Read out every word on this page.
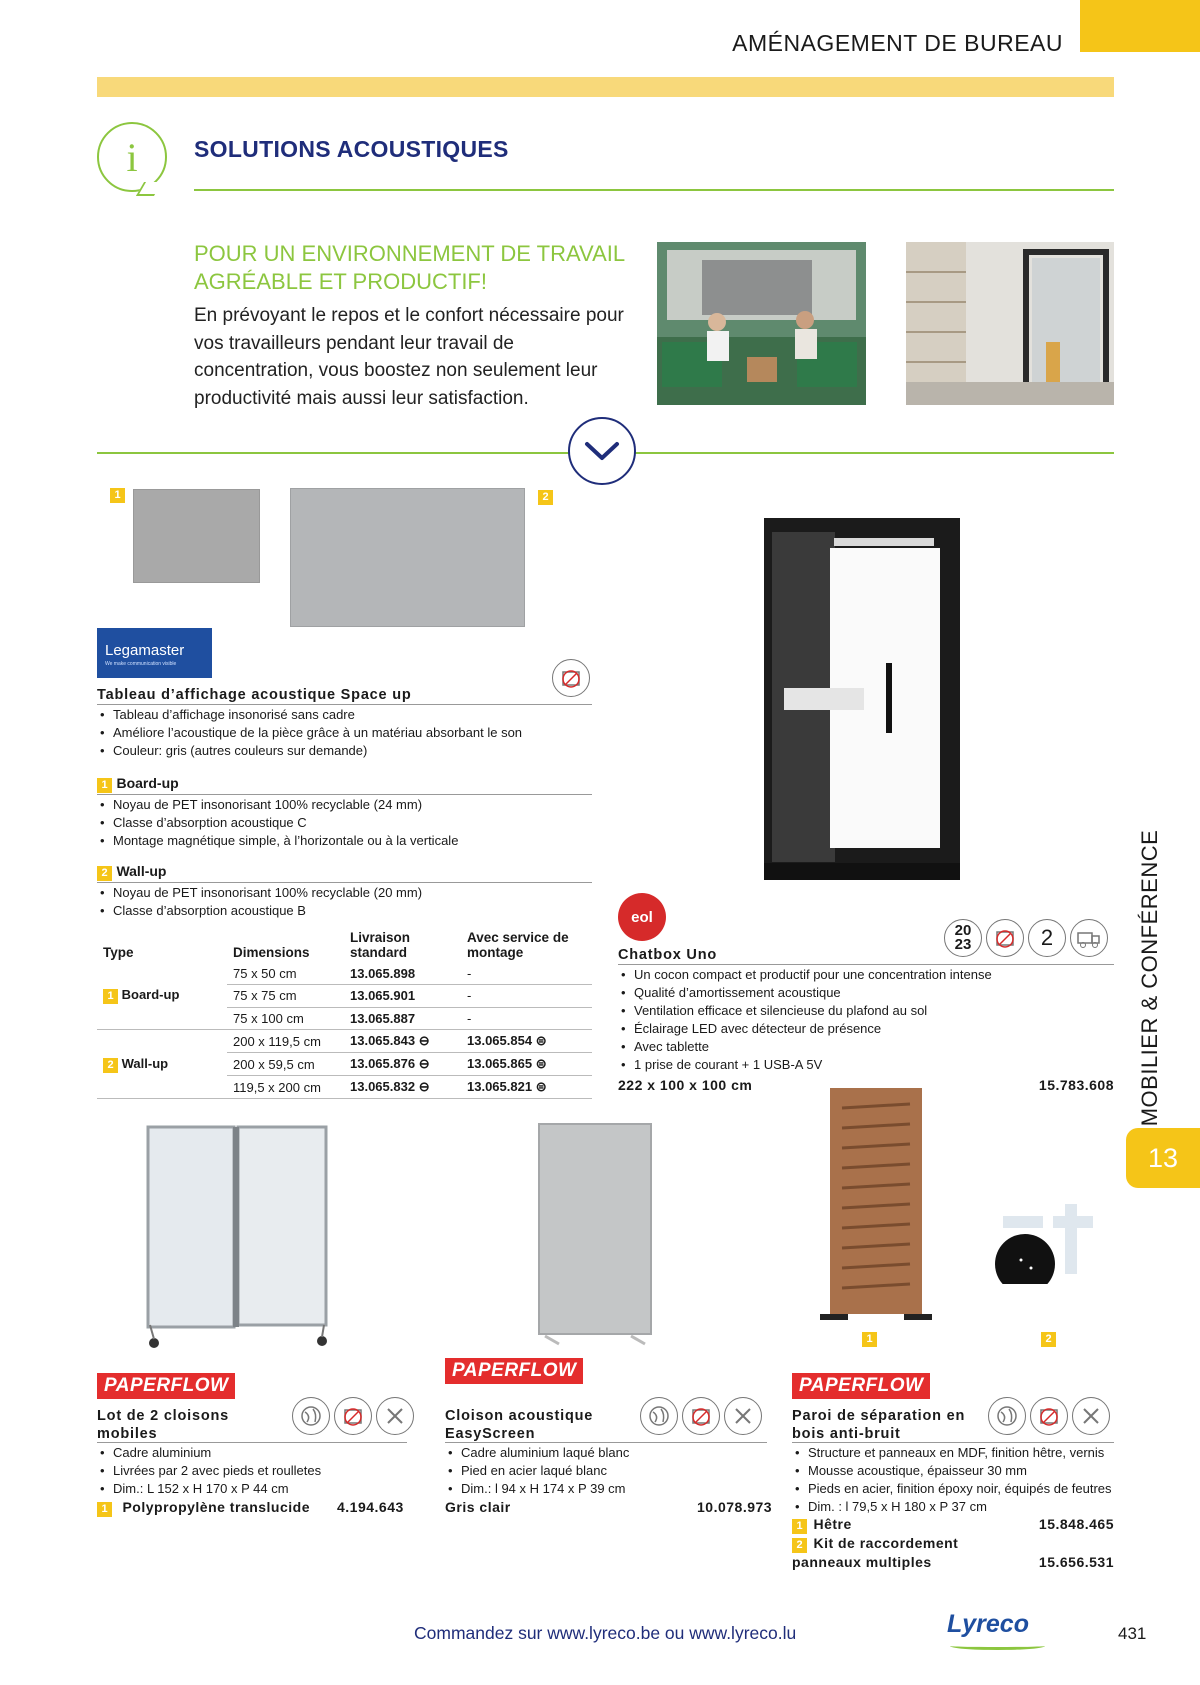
AMÉNAGEMENT DE BUREAU
i	SOLUTIONS ACOUSTIQUES
POUR UN ENVIRONNEMENT DE TRAVAIL AGRÉABLE ET PRODUCTIF!
En prévoyant le repos et le confort nécessaire pour vos travailleurs pendant leur travail de concentration, vous boostez non seulement leur productivité mais aussi leur satisfaction.
1	2
Legamaster
We make communication visible
Tableau d’affichage acoustique Space up
• Tableau d’affichage insonorisé sans cadre
• Améliore l’acoustique de la pièce grâce à un matériau absorbant le son
• Couleur: gris (autres couleurs sur demande)
1 Board-up
• Noyau de PET insonorisant 100% recyclable (24 mm)
• Classe d’absorption acoustique C
• Montage magnétique simple, à l’horizontale ou à la verticale
2 Wall-up
• Noyau de PET insonorisant 100% recyclable (20 mm)
• Classe d’absorption acoustique B
Type	Dimensions	Livraison standard	Avec service de montage
1 Board-up	75 x 50 cm	13.065.898	-
	75 x 75 cm	13.065.901	-
	75 x 100 cm	13.065.887	-
2 Wall-up	200 x 119,5 cm	13.065.843 ⊖	13.065.854 ⊜
	200 x 59,5 cm	13.065.876 ⊖	13.065.865 ⊜
	119,5 x 200 cm	13.065.832 ⊖	13.065.821 ⊜
eol
20
23	2
Chatbox Uno
• Un cocon compact et productif pour une concentration intense
• Qualité d’amortissement acoustique
• Ventilation efficace et silencieuse du plafond au sol
• Éclairage LED avec détecteur de présence
• Avec tablette
• 1 prise de courant + 1 USB-A 5V
222 x 100 x 100 cm	15.783.608 MOBILIER & CONFÉRENCE
13
1	2
PAPERFLOW
PAPERFLOW
PAPERFLOW
Lot de 2 cloisons mobiles
• Cadre aluminium
• Livrées par 2 avec pieds et roulletes
• Dim.: L 152 x H 170 x P 44 cm
1 Polypropylène translucide 4.194.643
Cloison acoustique EasyScreen
• Cadre aluminium laqué blanc
• Pied en acier laqué blanc
• Dim.: l 94 x H 174 x P 39 cm
Gris clair	10.078.973
Paroi de séparation en bois anti-bruit
• Structure et panneaux en MDF, finition hêtre, vernis
• Mousse acoustique, épaisseur 30 mm
• Pieds en acier, finition époxy noir, équipés de feutres
• Dim. : l 79,5 x H 180 x P 37 cm
1 Hêtre	15.848.465
2 Kit de raccordement
panneaux multiples	15.656.531
Commandez sur www.lyreco.be ou www.lyreco.lu	Lyreco	431
